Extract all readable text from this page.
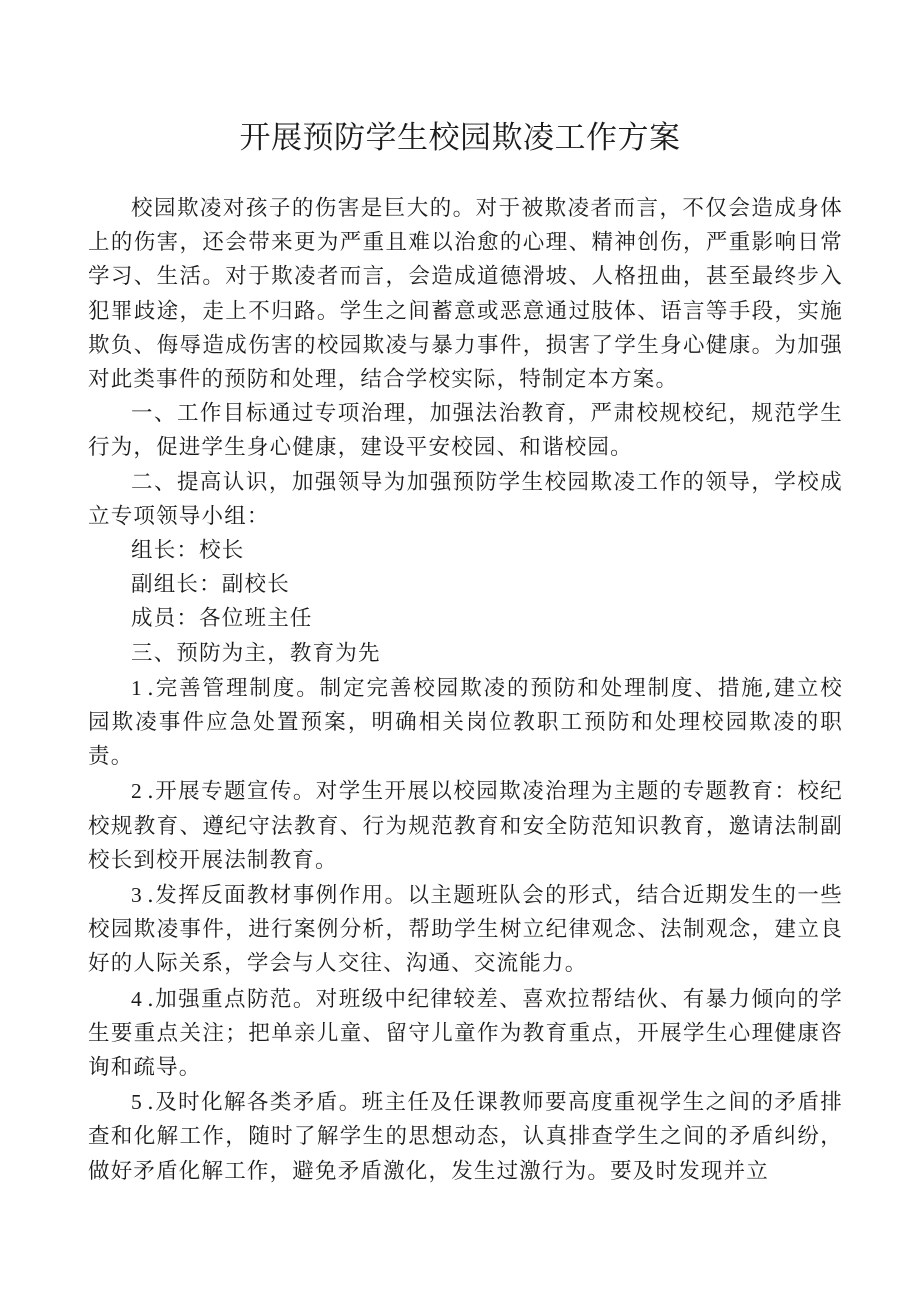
开展预防学生校园欺凌工作方案

校园欺凌对孩子的伤害是巨大的。对于被欺凌者而言，不仅会造成身体上的伤害，还会带来更为严重且难以治愈的心理、精神创伤，严重影响日常学习、生活。对于欺凌者而言，会造成道德滑坡、人格扭曲，甚至最终步入犯罪歧途，走上不归路。学生之间蓄意或恶意通过肢体、语言等手段，实施欺负、侮辱造成伤害的校园欺凌与暴力事件，损害了学生身心健康。为加强对此类事件的预防和处理，结合学校实际，特制定本方案。

一、工作目标通过专项治理，加强法治教育，严肃校规校纪，规范学生行为，促进学生身心健康，建设平安校园、和谐校园。

二、提高认识，加强领导为加强预防学生校园欺凌工作的领导，学校成立专项领导小组：

组长：校长

副组长：副校长

成员：各位班主任

三、预防为主，教育为先

1 .完善管理制度。制定完善校园欺凌的预防和处理制度、措施,建立校园欺凌事件应急处置预案，明确相关岗位教职工预防和处理校园欺凌的职责。

2 .开展专题宣传。对学生开展以校园欺凌治理为主题的专题教育：校纪校规教育、遵纪守法教育、行为规范教育和安全防范知识教育，邀请法制副校长到校开展法制教育。

3 .发挥反面教材事例作用。以主题班队会的形式，结合近期发生的一些校园欺凌事件，进行案例分析，帮助学生树立纪律观念、法制观念，建立良好的人际关系，学会与人交往、沟通、交流能力。

4 .加强重点防范。对班级中纪律较差、喜欢拉帮结伙、有暴力倾向的学生要重点关注；把单亲儿童、留守儿童作为教育重点，开展学生心理健康咨询和疏导。

5 .及时化解各类矛盾。班主任及任课教师要高度重视学生之间的矛盾排查和化解工作，随时了解学生的思想动态，认真排查学生之间的矛盾纠纷，做好矛盾化解工作，避免矛盾激化，发生过激行为。要及时发现并立
